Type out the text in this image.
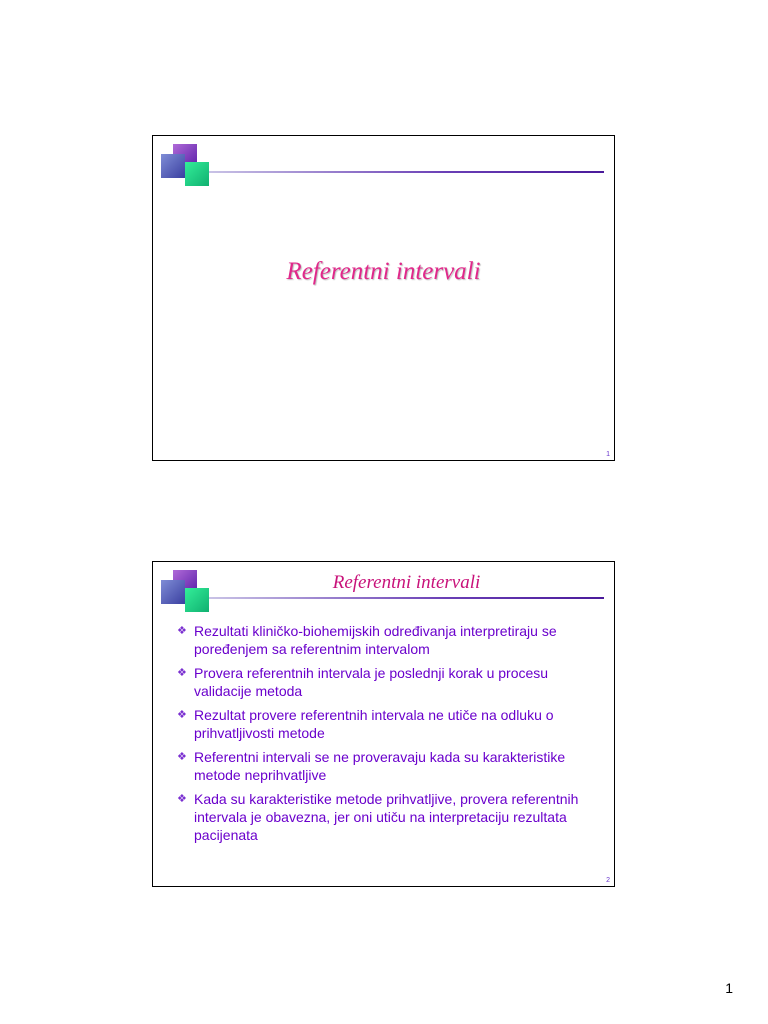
Referentni intervali
1
Referentni intervali
❖ Rezultati kliničko-biohemijskih određivanja interpretiraju se poređenjem sa referentnim intervalom
❖ Provera referentnih intervala je poslednji korak u procesu validacije metoda
❖ Rezultat provere referentnih intervala ne utiče na odluku o prihvatljivosti metode
❖ Referentni intervali se ne proveravaju kada su karakteristike metode neprihvatljive
❖ Kada su karakteristike metode prihvatljive, provera referentnih intervala je obavezna, jer oni utiču na interpretaciju rezultata pacijenata
2
1
